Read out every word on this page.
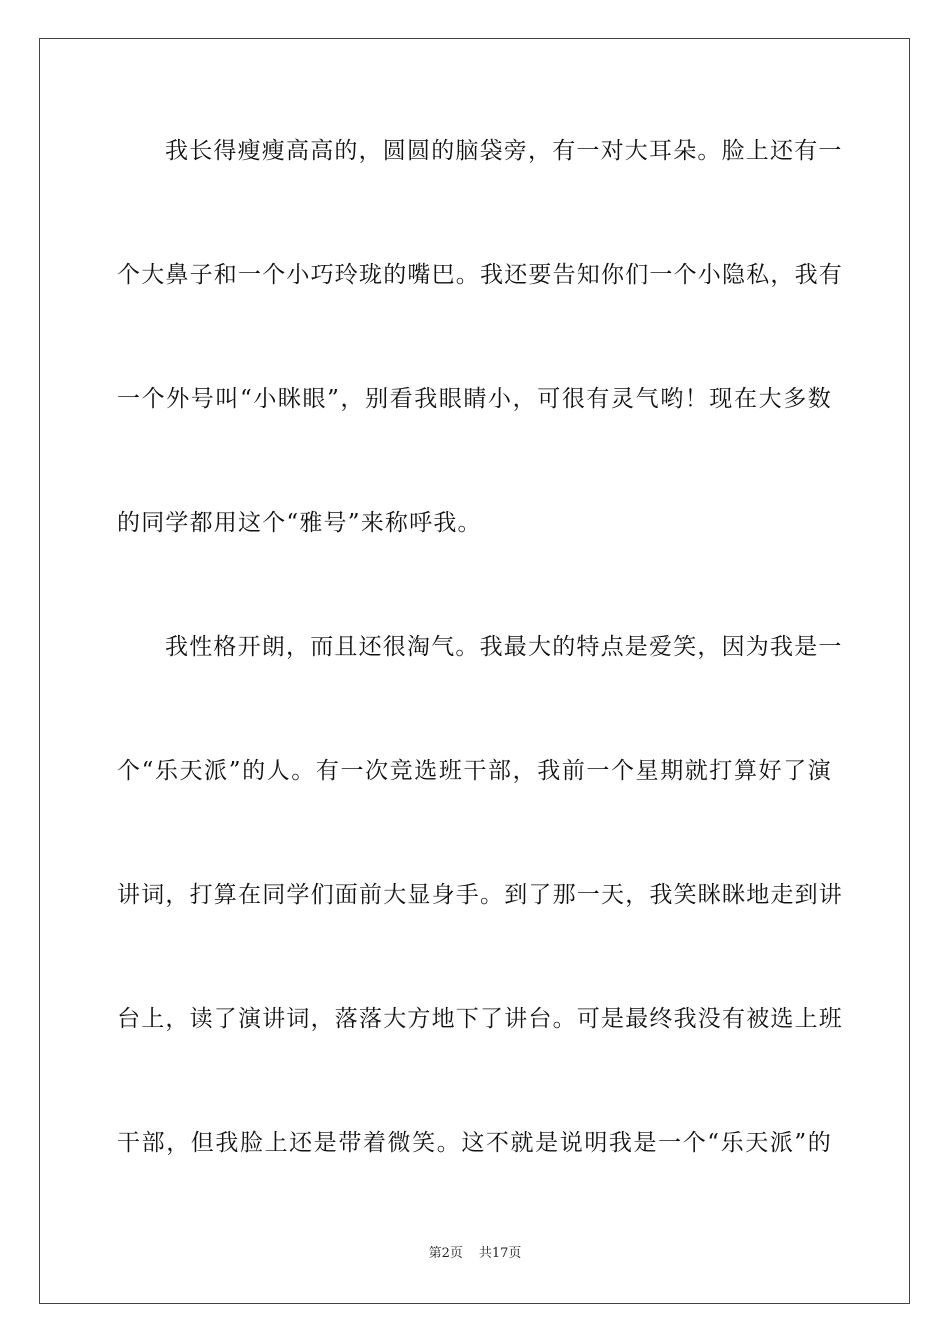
我长得瘦瘦高高的，圆圆的脑袋旁，有一对大耳朵。脸上还有一
个大鼻子和一个小巧玲珑的嘴巴。我还要告知你们一个小隐私，我有
一个外号叫“小眯眼”，别看我眼睛小，可很有灵气哟！现在大多数
的同学都用这个“雅号”来称呼我。
我性格开朗，而且还很淘气。我最大的特点是爱笑，因为我是一
个“乐天派”的人。有一次竞选班干部，我前一个星期就打算好了演
讲词，打算在同学们面前大显身手。到了那一天，我笑眯眯地走到讲
台上，读了演讲词，落落大方地下了讲台。可是最终我没有被选上班
干部，但我脸上还是带着微笑。这不就是说明我是一个“乐天派”的
第2页 共17页
